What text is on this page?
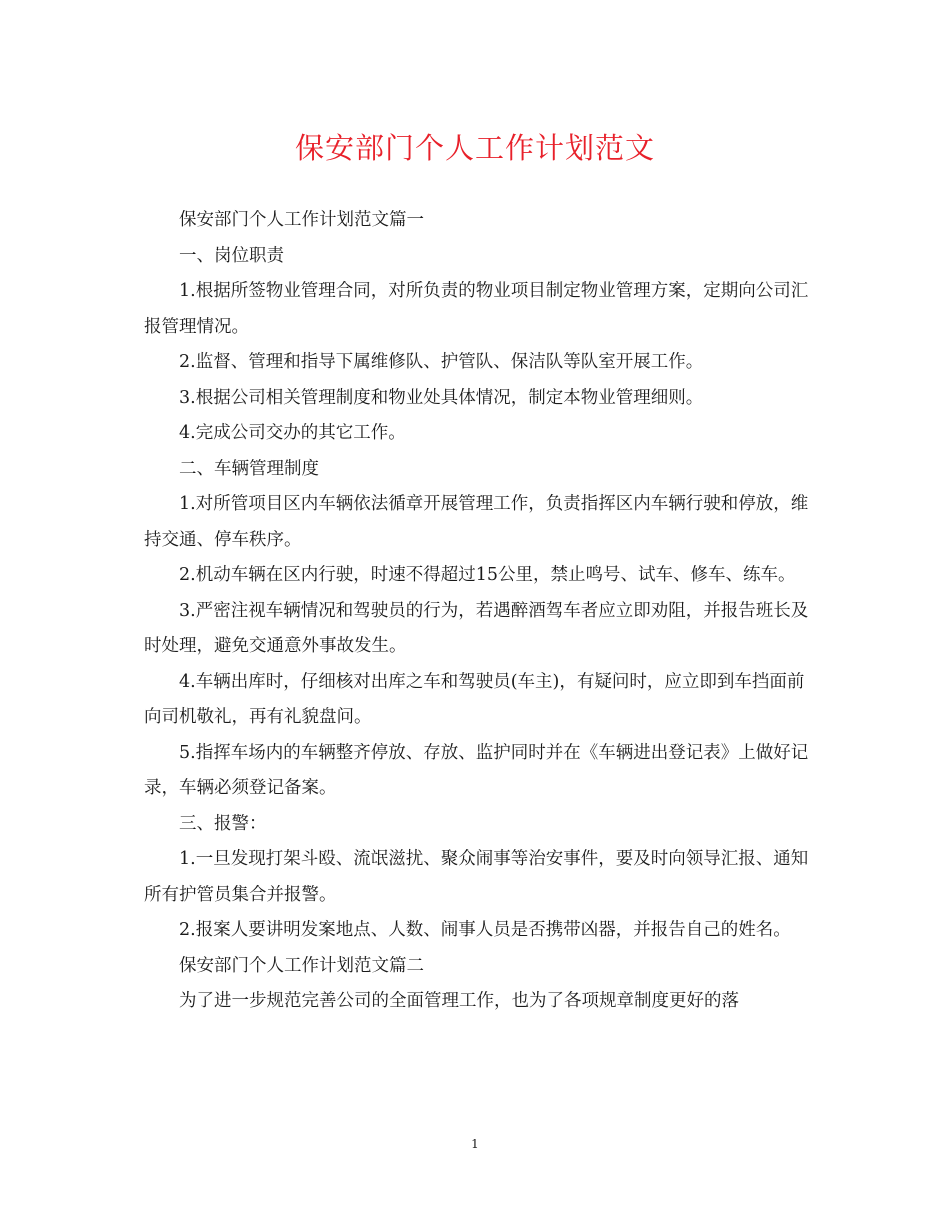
保安部门个人工作计划范文

保安部门个人工作计划范文篇一

一、岗位职责

1.根据所签物业管理合同，对所负责的物业项目制定物业管理方案，定期向公司汇报管理情况。

2.监督、管理和指导下属维修队、护管队、保洁队等队室开展工作。

3.根据公司相关管理制度和物业处具体情况，制定本物业管理细则。

4.完成公司交办的其它工作。

二、车辆管理制度

1.对所管项目区内车辆依法循章开展管理工作，负责指挥区内车辆行驶和停放，维持交通、停车秩序。

2.机动车辆在区内行驶，时速不得超过15公里，禁止鸣号、试车、修车、练车。

3.严密注视车辆情况和驾驶员的行为，若遇醉酒驾车者应立即劝阻，并报告班长及时处理，避免交通意外事故发生。

4.车辆出库时，仔细核对出库之车和驾驶员(车主)，有疑问时，应立即到车挡面前向司机敬礼，再有礼貌盘问。

5.指挥车场内的车辆整齐停放、存放、监护同时并在《车辆进出登记表》上做好记录，车辆必须登记备案。

三、报警：

1.一旦发现打架斗殴、流氓滋扰、聚众闹事等治安事件，要及时向领导汇报、通知所有护管员集合并报警。

2.报案人要讲明发案地点、人数、闹事人员是否携带凶器，并报告自己的姓名。

保安部门个人工作计划范文篇二

为了进一步规范完善公司的全面管理工作，也为了各项规章制度更好的落

1
